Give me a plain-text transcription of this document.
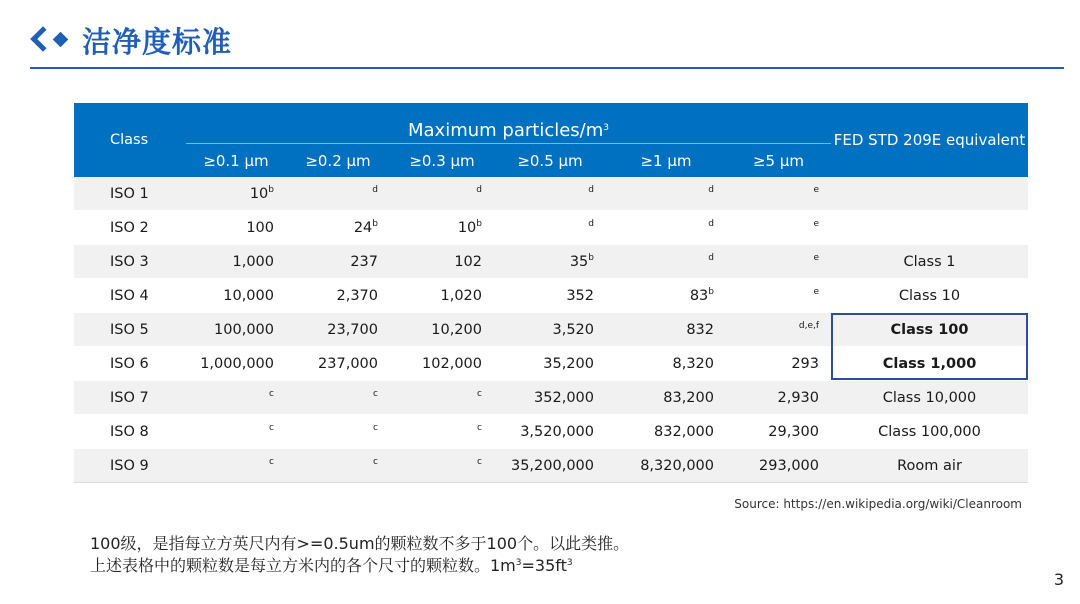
洁净度标准
Class	Maximum particles/$m^3$						FED STD 209E equivalent
	≥0.1 µm	≥0.2 µm	≥0.3 µm	≥0.5 µm	≥1 µm	≥5 µm	
ISO 1	10$^b$	$^d$	$^d$	$^d$	$^d$	$^e$	
ISO 2	100	24$^b$	10$^b$	$^d$	$^d$	$^e$	
ISO 3	1,000	237	102	35$^b$	$^d$	$^e$	Class 1
ISO 4	10,000	2,370	1,020	352	83$^b$	$^e$	Class 10
ISO 5	100,000	23,700	10,200	3,520	832	$^{d,e,f}$	Class 100
ISO 6	1,000,000	237,000	102,000	35,200	8,320	293	Class 1,000
ISO 7	$^c$	$^c$	$^c$	352,000	83,200	2,930	Class 10,000
ISO 8	$^c$	$^c$	$^c$	3,520,000	832,000	29,300	Class 100,000
ISO 9	$^c$	$^c$	$^c$	35,200,000	8,320,000	293,000	Room air
Source: https://en.wikipedia.org/wiki/Cleanroom
100级，是指每立方英尺内有>=0.5um的颗粒数不多于100个。以此类推。
上述表格中的颗粒数是每立方米内的各个尺寸的颗粒数。$1m^3=35ft^3$
3
